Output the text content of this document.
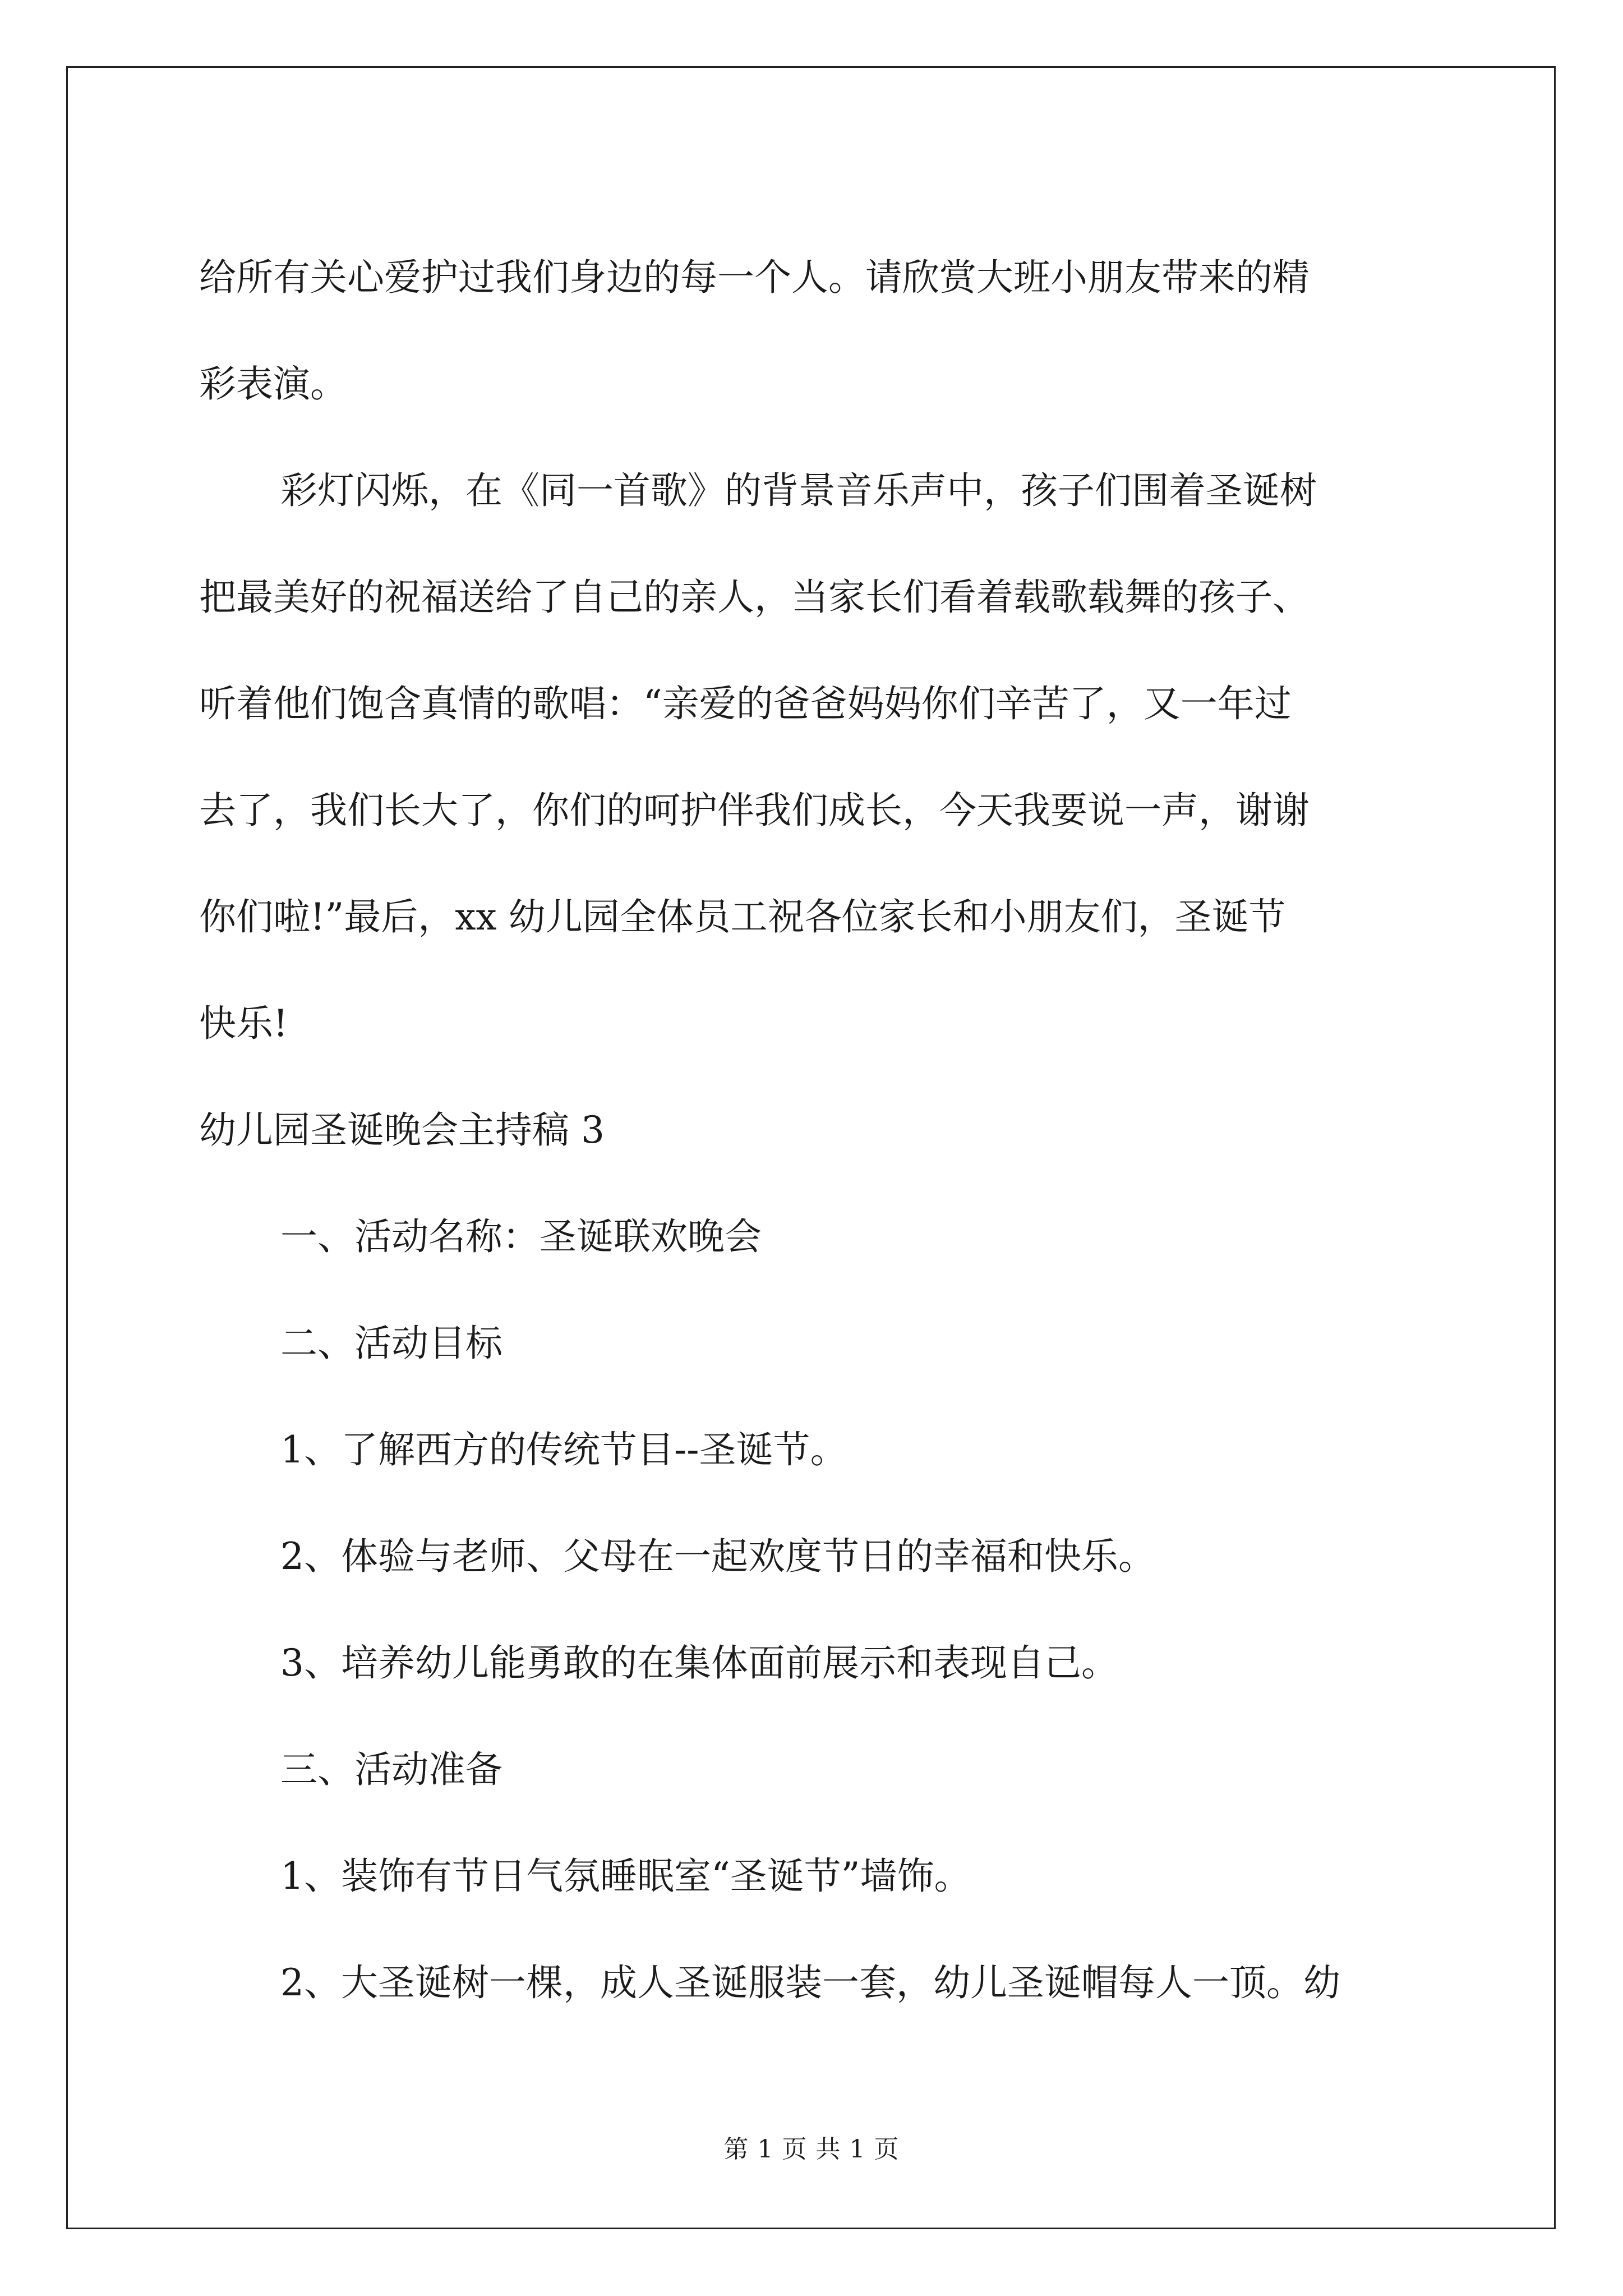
给所有关心爱护过我们身边的每一个人。请欣赏大班小朋友带来的精
彩表演。
彩灯闪烁，在《同一首歌》的背景音乐声中，孩子们围着圣诞树
把最美好的祝福送给了自己的亲人，当家长们看着载歌载舞的孩子、
听着他们饱含真情的歌唱：“亲爱的爸爸妈妈你们辛苦了，又一年过
去了，我们长大了，你们的呵护伴我们成长，今天我要说一声，谢谢
你们啦!”最后，xx 幼儿园全体员工祝各位家长和小朋友们，圣诞节
快乐!
幼儿园圣诞晚会主持稿 3
一、活动名称：圣诞联欢晚会
二、活动目标
1、了解西方的传统节目--圣诞节。
2、体验与老师、父母在一起欢度节日的幸福和快乐。
3、培养幼儿能勇敢的在集体面前展示和表现自己。
三、活动准备
1、装饰有节日气氛睡眠室“圣诞节”墙饰。
2、大圣诞树一棵，成人圣诞服装一套，幼儿圣诞帽每人一顶。幼
第 1 页 共 1 页
